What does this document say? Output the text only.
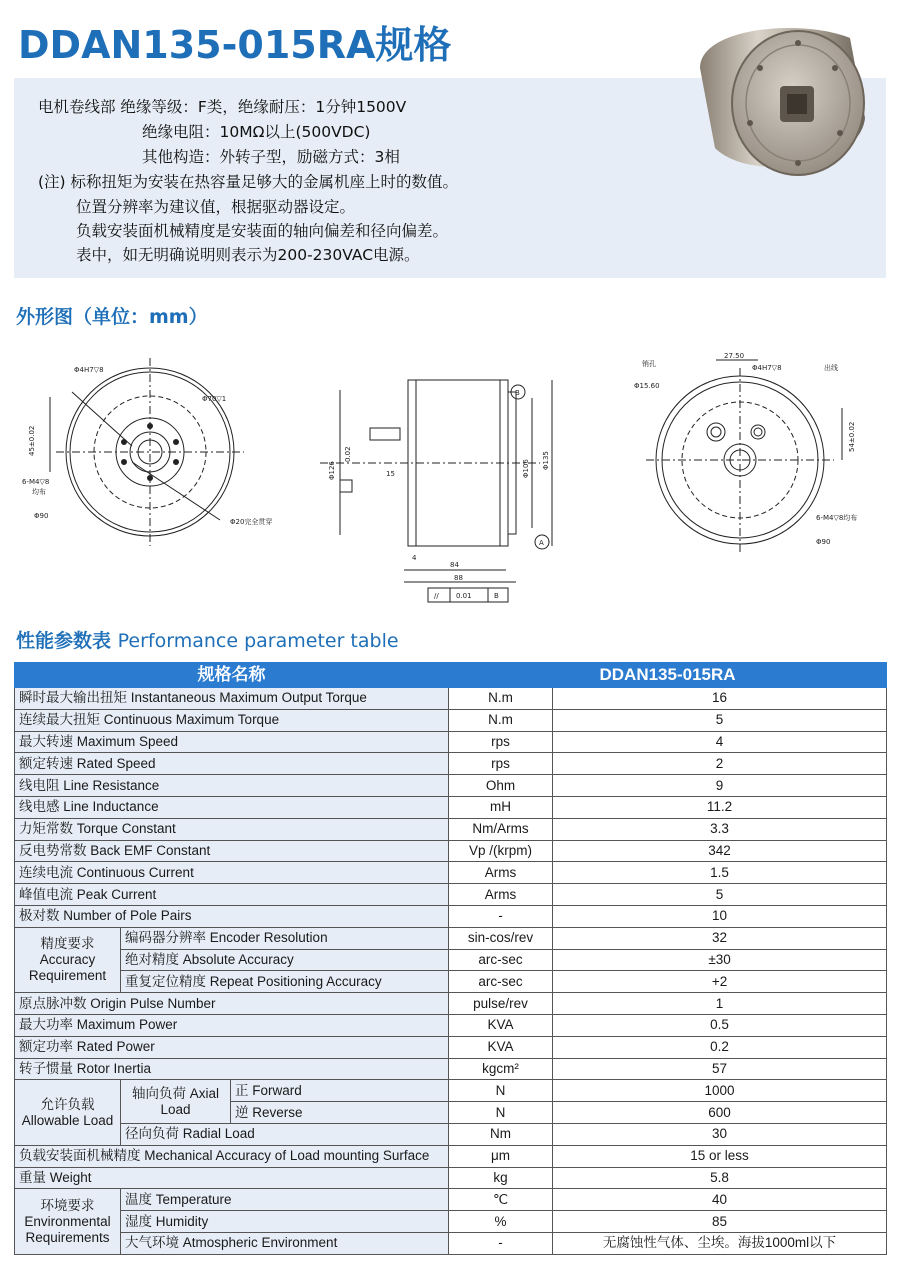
DDAN135-015RA规格
电机卷线部 绝缘等级：F类，绝缘耐压：1分钟1500V
绝缘电阻：10MΩ以上(500VDC)
其他构造：外转子型，励磁方式：3相
(注) 标称扭矩为安装在热容量足够大的金属机座上时的数值。
位置分辨率为建议值，根据驱动器设定。
负载安装面机械精度是安装面的轴向偏差和径向偏差。
表中，如无明确说明则表示为200-230VAC电源。
外形图（单位：mm）
Φ4H7▽8
Φ70▽1
6-M4▽8
均布
Φ90
Φ20完全贯穿
45±0.02
Φ126
0.02
Φ106 Φ135
15
4
84
88
B
A
// 0.01	B
销孔
27.50
Φ4H7▽8	出线
Φ15.60
54±0.02
6-M4▽8均布
Φ90
性能参数表 Performance parameter table
规格名称			DDAN135-015RA	
瞬时最大输出扭矩 Instantaneous Maximum Output Torque			N.m	16
连续最大扭矩 Continuous Maximum Torque			N.m	5
最大转速 Maximum Speed			rps	4
额定转速 Rated Speed			rps	2
线电阻 Line Resistance			Ohm	9
线电感 Line Inductance			mH	11.2
力矩常数 Torque Constant			Nm/Arms	3.3
反电势常数 Back EMF Constant			Vp /(krpm)	342
连续电流 Continuous Current			Arms	1.5
峰值电流 Peak Current			Arms	5
极对数 Number of Pole Pairs			-	10
精度要求 Accuracy Requirement	编码器分辨率 Encoder Resolution		sin-cos/rev	32
	绝对精度 Absolute Accuracy		arc-sec	±30
	重复定位精度 Repeat Positioning Accuracy		arc-sec	+2
原点脉冲数 Origin Pulse Number			pulse/rev	1
最大功率 Maximum Power			KVA	0.5
额定功率 Rated Power			KVA	0.2
转子惯量 Rotor Inertia			kgcm²	57
允许负载 Allowable Load	轴向负荷 Axial Load	正 Forward	N	1000
		逆 Reverse	N	600
	径向负荷 Radial Load		Nm	30
负载安装面机械精度 Mechanical Accuracy of Load mounting Surface			μm	15 or less
重量 Weight			kg	5.8
环境要求 Environmental Requirements	温度 Temperature		℃	40
	湿度 Humidity		%	85
	大气环境 Atmospheric Environment		-	无腐蚀性气体、尘埃。海拔1000ml以下
